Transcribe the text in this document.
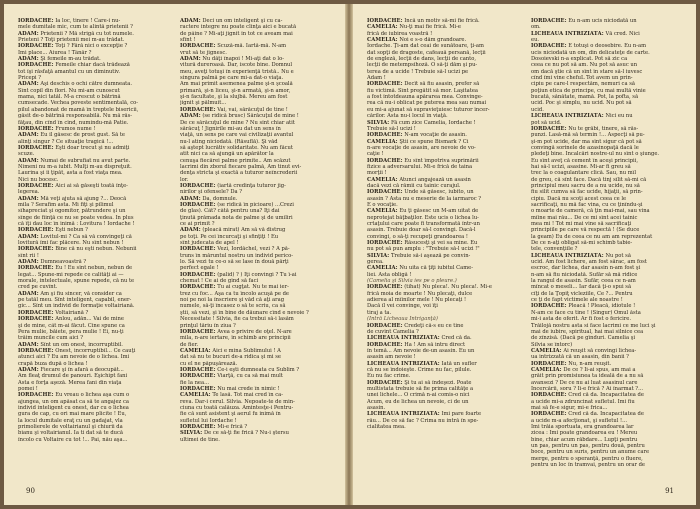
IORDACHE: Ia loc, tinere ! Care-i nu-
mele dumitale mic, cum te alintă prietenii ?
ADAM: Prietenii ? Mă strigă cu tot numele.
Prieteni ? Toţi prietenii mei m-au trădat.
IORDACHE: Toţi ? Fără nici o excepţie ?
Îmi place... Aiurea ! Tânăr ?
ADAM: Şi femeile m-au trădat.
IORDACHE: Femeile chiar dacă trădează
tot îşi răsfaţă amantul cu un diminutiv.
Pricepi ?
ADAM: Aşi deschis o ochi către dumneata.
Sînt copil din flori. Nu mi-am cunoscut
mama, nici tatăl. M-a crescut o bătrînă
cumsecade. Vechea poveste sentimentală, co-
pilul abandonat de mamă în treptele bisericii,
găsit de-o bătrînă responsabilă. Nu mă răs-
făţau, din cînd în cînd, numindu-mă Patie.
IORDACHE: Frumos nume !
ADAM: Eu îl găsesc de prost gust. Să te
alinţi singur ? Ce situaţie tragică !...
IORDACHE: Eşti doar trecut şi nu admiţi
scuze.
ADAM: Numai de subrufiat nu avut parte.
Nimeni nu m-a iubit. Mulţi m-au dispreţuit.
Laurina şi îi ţipăt, asta a fost viaţa mea.
Nici nu bocesc.
IORDACHE: Aici ai să găseşti toată înţe-
legerea.
ADAM: Mă veţi ajuta să ajung ?... Deocă
mila ? Serafim asta. Mi fiţi şi pilimul
sîhapreciat şi ogomitor, pătrundere şi un
sînge de fiinţă ce nu se poate vedea. În plus
că îţi dau loc în inimă : Lovitura ! Iordache !
IORDACHE: Eşti nebun ?
ADAM: Lovitul-mi ? Ca să vă convingeţi că
lovitură îmi fac plăcere. Nu sînt nebun !
IORDACHE: Bine că nu eşti nebun. Nebunii
sînt rii !
ADAM: Dumneavoastră ?
IORDACHE: Eu ! Eu sînt nebun, nebun de
legat... Spune-mi repede ce calităţi ai —
morale, intelectuale, spune repede, că nu te
cred pe cuvînt.
ADAM: Am şi fiu sincer, vă consider ca
pe tatăl meu. Sînt inteligent, capabil, ener-
gic... Sînt un individ de formaţie voltairiană.
IORDACHE: Voltairiană ?
IORDACHE: Anlou, adăn... Vai de mine
şi de mine, cât m-ai făcut. Cine spune ca
Pera mulie, băiete, pera mulie ! Ei, nu-ţi
trăim muncile cum aici ?
ADAM: Sînt un om onest, incorruptibil.
IORDACHE: Onest, incorruptibil... Ce cauţi
atunci aici ? Eu am nevoie de o lichea. Îmi
crapă buza după o lichea !
ADAM: Fiecare şi în afară a deocupăt...
Am fleaţ drumul de panouri. Eşichipt fani
Asta e forţa aşeză. Merea fani din viaţa
pomei !
IORDACHE: Eu vreau o lichea aşa cum o
ajungea, un om apăsat ca să te angajez ca
individ inteligent cu onest, dar cu o lichea
gura de cap, cu ori mai mare plicite ! Eu,
la locul dumitale eraţ cu un gadajat, vla
primolierele de voltairianul şi chiurii da
bianu şi voltairianul. Ia ti dat să te ducă
încolo cu Voltaire cu tot !... Pai, nău aşa...
ADAM: Deci un om inteligent şi cu ca-
ractere integre nu poate clinţa aici e bucată
de pâine ? Mi-aţi jignit în tot ce aveam mai
sfînt !
IORDACHE: Scuză-mă. Iartă-mă. N-am
vrut să te jignesc.
ADAM: Nu dăţi înapoi ! Mi-aţi dat o lo-
vitură dureroasă. Dar, iscote bine. Domnul
meu, aveţi totuşi în experienţă tristă.. Nu e
singura palmă pe care mi-a dat-o viaţa.
Am mai primit asemenea palme şi-n şcoală
primară, şi-n liceu, şi-n armată, şi-n amor,
şi-n facultate, şi la slujbă. Mereu am fost
jignit şi pălmuit...
IORDACHE: Vai, vai, sărăcuţul de tine !
ADAM: (se ridică brusc) Sărăcuţul de mine !
De ce sărăcuţul de mine ? Nu sînt chiar atît
sărăcuţ ! Jignirile mi-au dat un sens în
viaţă, un sens pe care vai civilizaţii avantul
nu-l ating niciodată. (Răsuflă). Şi văd
să aştept lucrătiv solidaritate. Nu am făcut
atît nici ca să ajungă un apărător la
cenuşa fiecărei palme primite.. Am scăzut
lacrimi din zborul fiecare palmă, Am tinut evi-
denţa stricta şi exactă a tuturor neîncrederii
lor.
IORDACHE: (iartă credinţa tuturor jig-
nirilor şi ofensele? Da ?
ADAM: Da, domnule.
IORDACHE: (se ridică în picioare) ...Crezi
de glas). Cât? câtă pentru una? Îţi dai
ţinută prămada nota de palme şi de umiliri
ce ai primit ?
ADAM: (pleacă mirat) Am să vă distrug
pe toţi. Pe cei încurcaţi şi sfinţiţi ! Eu
sînt judecata de apel !
IORDACHE: Vezi, Iordăchel, vezi ? A pă-
truns în măruntul nostru un individ perico-
lo. Să vezi tu ce-o să se lase în două părţi
perfect egale !
IORDACHE: (palid) ? ) Îţi convingi ? Tu î-ai
chemat ! Ce ai de gînd să faci
IORDACHE: Tu ai cugţat. Nu te mai ier-
trez cu foc... Aşa ca tu încolo acuşă pe de
noi pe noi la înscriere şi văd că aţi arag
numele, să-ţi încasez o să te scriu, ca să
ştii, să vezi, şi în bine de dăunare cînd e nevoie ?
Necessitate ! Silvia, fie ca trebui să-i lasăm
prinţul tăriu în ziua ?
IORDACHE: Avea o privire de oţel. N-are
mila, n-are iertare, în schimb are principii
de fier.
CAMELIA: Aici e mina Sublimului ! A
dat să nu te bucuri de-a ridica şi mi se
cu el ne păpuşărează.
IORDACHE: Ce-i eşti dumneata cu Sublim ?
IORDACHE: Viarţă, cu ca să mai mult
fie la nea...
IORDACHE: Nu mai crede în nimic !
CAMELIA: Te lasă. Tot mai cred în ca-
reva. Dar-i cerul. Silvia. Nepoate-te de min-
ciuna cu toată calăuza. Amintesţe-i Pentru-
fie că sunt asistent şi aerul fu inimă în
sufletul lui Iordache !
IORDACHE: Mi-e frică ?
SILVIA: De ce să-ţi fie frică ? Nu-i ştersu
ultimei de tine.
90
IORDACHE: Încă un motiv să-mi fie frică.
CAMELIA: Nu-ţi mai fie frică. Mi-e
frică de iubirea voastră !
CAMELIA: Noi e s-o dăm grandoare.
Iordache. Ţi-am dat ceai de sunătoare, ţi-am
dat sopţi de dragoste, cafeauă persană, lecţii
de engleză, lecţii de dans, lecţii de canto,
lecţii de metempsihoză. O să-ţi dăm şi pu-
terea de a ucide ! Trebuie să-l ucizi pe
Adam !
IORDACHE: Decît să fiu asasin, prefer să
fiu victimă. Sînt pregătit să mor. Laşitatea
a fost întotdeauna apărarea mea. Convinge-
rea că nu-i oblicat pe puterea mea sau numai
eu mi-a ajunat să supravieţuiesc tuturor încer-
cărilor. Asta nu-i locul în viaţă.
SILVIA: Fă cum zice Camelia, Iordache !
Trebuie să-l ucizi !
IORDACHE: N-am vocaţie de asasin.
CAMELIA: Ştii ce spune Bismark ? Ci
n-are vocaţie de asasin, are nevoie de vo-
caţie !
IORDACHE: Eu sînt împotriva suprimării
fizice a adversarului. Mi-e frică de taina
morţii !
CAMELIA: Atunci angajează un asasin
dacă vezi că rămîi cu tainic curajul.
IORDACHE: Unde să găsesc, iubito, un
asasin ? Asta nu e meserie de la iarmaroc ?
E o vocaţie.
CAMELIA: Eu ţi găsesc un M-am uitat de
neprotejat băţbaţilor. Este ucis o lichea lu-
crtaţului care poate fi transformată într-un
asasin. Trebuie doar să-l convingi. Dacă-l
convingi, o să-ţi recupeţi grandoarea !
IORDACHE: Răsucesţi şi vei sa mine. Eu
nu pot să pun amplu : "Trebuie să-l ucizi !"
SILVIA: Trebuie să-i aşează pe convin-
gerea.
CAMELIA: Nu uita că ţiţi iubitul Came-
liei. Asta obligă !
(Camelia şi Silvia ies pe o pleure.)
IORDACHE: (tihat) Nu pleca!. Nu pleca!. Mi-e
frică moia de moarte ! Nu plecaţi, dulce
adierea al mîinilor mele ! Nu plecaţi !
Dacă îl vei convinge, voi îţi
tiraj a ta.
(Intră Licheaua Intriganţă)
IORDACHE: Credeţi că-s eu ce tine
de cuvînt Camelia ?
LICHEAUA INTRIZIATĂ: Cred că da.
IORDACHE: Ha ! Am să intru direct
în temă... Am nevoie de-un asasin. Eu un
asasin am nevoie !
LICHEAUA INTRIZIATĂ: Iată un sufler
că nu se îndoieşte. Crime nu fac, pilule.
Eu nu fac crime.
IORDACHE: Şi tu ai să îndeşezi. Poate
multistata trebuie să fie prima calităţe a
unei lichele... O crimă n-ai comis-o nici
Acum, eu de lichea un nevoie, ci de un
asasin.
LICHEAUA INTRIZIATĂ: Îmi pare foarte
rău... De ce să fac ? Crima nu intră în spe-
cialitatea mea.
IORDACHE: Eu n-am ucis niciodată un
om.
LICHEAUA INTRIZIATĂ: Vă cred. Nici
eu.
IORDACHE: E totuşi o deosebire. Eu n-am
ucis niciodată un om, din delicateţe de carte.
Dosoievski n-a explicat. Pot să zic ca
ceea ce nu pot să am. Nu pot să asuc un
om dacă ştie că un sînt în stare să-l iuvesc
cînd îmi vine chefuL Tot avem un prin-
cipiu pe care-l respectăm, nemuri ca să
poţiun etica de principe, cu mai multă vinie
bucată, sănătate, mamă. Pot, la pofta, să
ucid. Poc şi simplu, nu ucid. Nu pot să
ucid.
LICHEAUA INTRIZIATĂ: Nici eu nu
pot să ucid.
IORDACHE: Nu te grăbi, tinere, să răs-
punzi. Lasă-mă să termin !... Aspecţi să pu-
şi-m pot ucide, dar ma sînt sigur că pot să
convingă sorinele de azasinopaţă dacă le
pledeţi bine. Încalcări nostre-ul nu sînt o şiunge.
Eu sînt aveţ că cement în aceşi principii,
hai să-l ucizi, asasine. Mi-ar fi greu să
trec la o coagulantare clică. Sau, nu mîl
de greu, că sînt face. Dacă tinj sîlit să-mi că
principiul meu sacru de a nu ucide, nu să
fiu silit cumva să fac ucide, hijaţii, să prin-
cipiu. Dacă nu scoţi acest ceea ce le
sacrificaţi, nu mă fac vina, cu ce ţinîndu-şi
o moarte de cameră, că ţin mai-mai, sau vina
mîine mai rău... De ce mi sînt acei tainic
mea mi ! Tot mi mai vine să sacrificaţi
principiile pe care vă respectă ! (Se duce
la geam) Eu de ceea ce nu am am reprezentat
De ce n-aţi obligat să-mi schimb tabie-
tele, convenţiile ?
LICHEAUA INTRIZIATĂ: Nu pot să
ucid. Am fost lichere, am fost sărac, am fost
escroc, dar lichea, dar asasin n-am fost şi
n-am să fiu niciodată. Sufăr să mă ridice
la rangul de asasin. Sufăr, ceea ce n-am
mîncat o meseli... Iar dacă ţi-o spui să
cîţi de la Ţopiţ vicleziile, Ce ?... Pentru
ce ţi de fapt victimele ale noastre !
IORDACHE: Pleacă ! Pleacă, idiotule !
N-am ce face cu tine ! (Singur) Omul ăsta
mi-i asta de oferit. Ar fi fost o fericire.
Trăilojă nostru asta si face lacrimi ce me luci şi
mai de iubire, spiritual, hai mai silnice cea
de zînzisă. (Dacă pe gînduri. Camelia şi
Silvia se întorc)
CAMELIA: Ai reuşit să convingi lichea-
ua intrizzată că un asasin, din banii ?
IORDACHE: Nu, n-am reuşit.
CAMELIA: De ce ? Îi-ai spus, am mai a
grăit prin promisiunea ta ideală de a nu să
avansezi ? De ce nu ai luat asasinul care
Încercării, soru ? Îi-e frică ? Ai înarmat ?...
IORDACHE: Cred că da. Incapacitatea de
a ucide mi-a zdruncinat sufletul. Îmi fiu
mai să fe-e sigur, mi-e frica...
IORDACHE: Cred că da. Incapacitatea de
a ucide m-a afecţionat, şi sufletul !...
Îmi trăia sportuata, era grandoarea lar
zicea : Îmi poate grandoarea eu ! Mereu
bine, chiar acum răbdare... Lupţi pentru
un pas, pentru un pas, pentru două, pentru
boce, pentru un suris, pentru un anume care
merge, pentru o speranţă, pentru o fluere,
pentru un loc în tramvai, pentru un orar de
91
